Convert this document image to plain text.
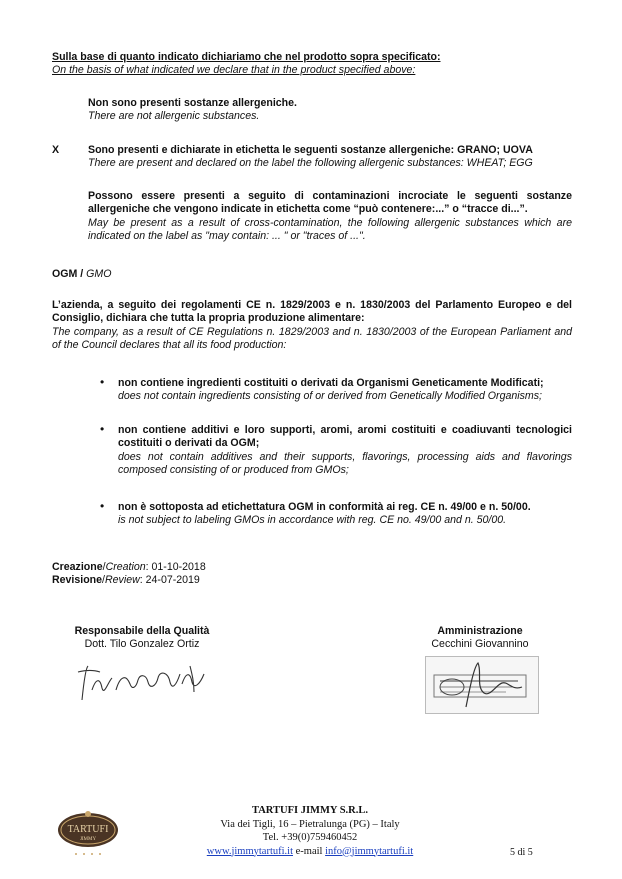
Sulla base di quanto indicato dichiariamo che nel prodotto sopra specificato:
On the basis of what indicated we declare that in the product specified above:
Non sono presenti sostanze allergeniche.
There are not allergenic substances.
X	Sono presenti e dichiarate in etichetta le seguenti sostanze allergeniche: GRANO; UOVA
There are present and declared on the label the following allergenic substances: WHEAT; EGG
Possono essere presenti a seguito di contaminazioni incrociate le seguenti sostanze allergeniche che vengono indicate in etichetta come “può contenere:...” o “tracce di...”.
May be present as a result of cross-contamination, the following allergenic substances which are indicated on the label as "may contain: ... " or "traces of ...".
OGM / GMO
L’azienda, a seguito dei regolamenti CE n. 1829/2003 e n. 1830/2003 del Parlamento Europeo e del Consiglio, dichiara che tutta la propria produzione alimentare:
The company, as a result of CE Regulations n. 1829/2003 and n. 1830/2003 of the European Parliament and of the Council declares that all its food production:
• non contiene ingredienti costituiti o derivati da Organismi Geneticamente Modificati;
does not contain ingredients consisting of or derived from Genetically Modified Organisms;
• non contiene additivi e loro supporti, aromi, aromi costituiti e coadiuvanti tecnologici costituiti o derivati da OGM;
does not contain additives and their supports, flavorings, processing aids and flavorings composed consisting of or produced from GMOs;
• non è sottoposta ad etichettatura OGM in conformità ai reg. CE n. 49/00 e n. 50/00.
is not subject to labeling GMOs in accordance with reg. CE no. 49/00 and n. 50/00.
Creazione/Creation: 01-10-2018
Revisione/Review: 24-07-2019
Responsabile della Qualità
Dott. Tilo Gonzalez Ortiz
Amministrazione
Cecchini Giovannino
TARTUFI
JIMMY
TARTUFI JIMMY S.R.L.
Via dei Tigli, 16 – Pietralunga (PG) – Italy
Tel. +39(0)759460452
www.jimmytartufi.it e-mail info@jimmytartufi.it	5 di 5
